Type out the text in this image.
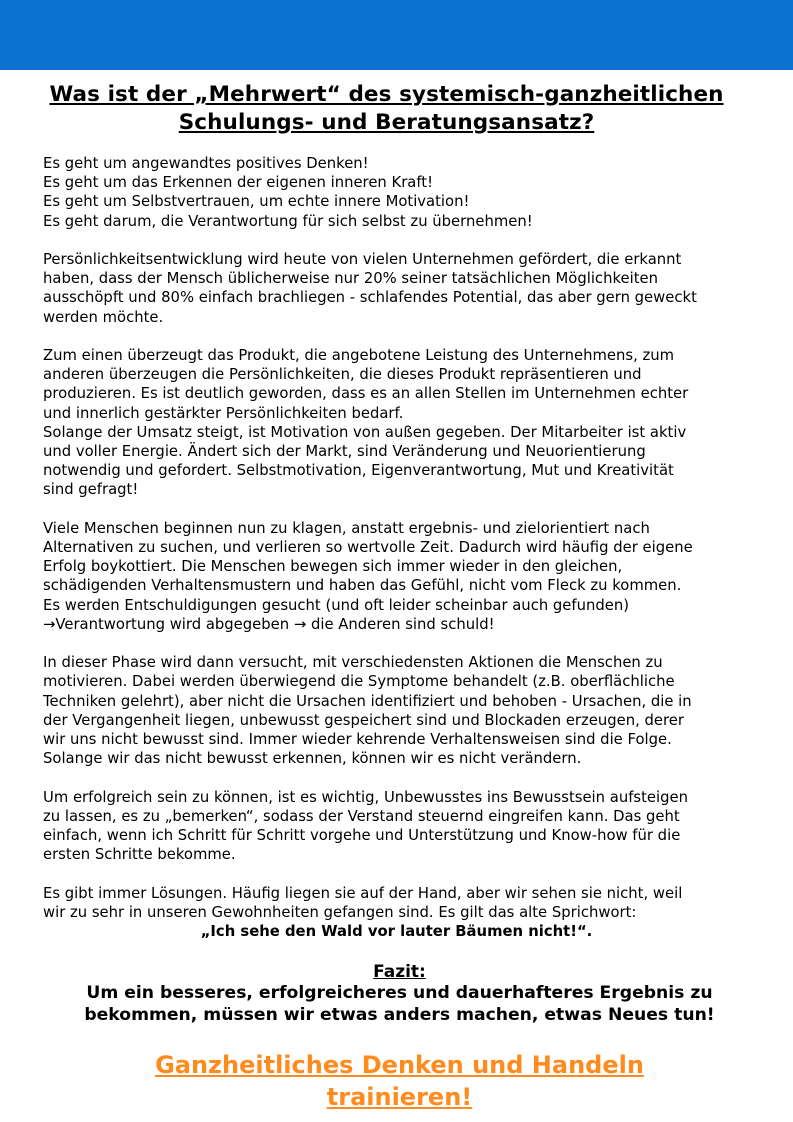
Was ist der „Mehrwert“ des systemisch-ganzheitlichen
Schulungs- und Beratungsansatz?

Es geht um angewandtes positives Denken!

Es geht um das Erkennen der eigenen inneren Kraft!

Es geht um Selbstvertrauen, um echte innere Motivation!

Es geht darum, die Verantwortung für sich selbst zu übernehmen!

Persönlichkeitsentwicklung wird heute von vielen Unternehmen gefördert, die erkannt

haben, dass der Mensch üblicherweise nur 20% seiner tatsächlichen Möglichkeiten

ausschöpft und 80% einfach brachliegen - schlafendes Potential, das aber gern geweckt

werden möchte.

Zum einen überzeugt das Produkt, die angebotene Leistung des Unternehmens, zum

anderen überzeugen die Persönlichkeiten, die dieses Produkt repräsentieren und

produzieren. Es ist deutlich geworden, dass es an allen Stellen im Unternehmen echter

und innerlich gestärkter Persönlichkeiten bedarf.

Solange der Umsatz steigt, ist Motivation von außen gegeben. Der Mitarbeiter ist aktiv

und voller Energie. Ändert sich der Markt, sind Veränderung und Neuorientierung

notwendig und gefordert. Selbstmotivation, Eigenverantwortung, Mut und Kreativität

sind gefragt!

Viele Menschen beginnen nun zu klagen, anstatt ergebnis- und zielorientiert nach

Alternativen zu suchen, und verlieren so wertvolle Zeit. Dadurch wird häufig der eigene

Erfolg boykottiert. Die Menschen bewegen sich immer wieder in den gleichen,

schädigenden Verhaltensmustern und haben das Gefühl, nicht vom Fleck zu kommen.

Es werden Entschuldigungen gesucht (und oft leider scheinbar auch gefunden)

→Verantwortung wird abgegeben → die Anderen sind schuld!

In dieser Phase wird dann versucht, mit verschiedensten Aktionen die Menschen zu

motivieren. Dabei werden überwiegend die Symptome behandelt (z.B. oberflächliche

Techniken gelehrt), aber nicht die Ursachen identifiziert und behoben - Ursachen, die in

der Vergangenheit liegen, unbewusst gespeichert sind und Blockaden erzeugen, derer

wir uns nicht bewusst sind. Immer wieder kehrende Verhaltensweisen sind die Folge.

Solange wir das nicht bewusst erkennen, können wir es nicht verändern.

Um erfolgreich sein zu können, ist es wichtig, Unbewusstes ins Bewusstsein aufsteigen

zu lassen, es zu „bemerken“, sodass der Verstand steuernd eingreifen kann. Das geht

einfach, wenn ich Schritt für Schritt vorgehe und Unterstützung und Know-how für die

ersten Schritte bekomme.

Es gibt immer Lösungen. Häufig liegen sie auf der Hand, aber wir sehen sie nicht, weil

wir zu sehr in unseren Gewohnheiten gefangen sind. Es gilt das alte Sprichwort:

„Ich sehe den Wald vor lauter Bäumen nicht!“.
Fazit:
Um ein besseres, erfolgreicheres und dauerhafteres Ergebnis zu
bekommen, müssen wir etwas anders machen, etwas Neues tun!
Ganzheitliches Denken und Handeln
trainieren!
